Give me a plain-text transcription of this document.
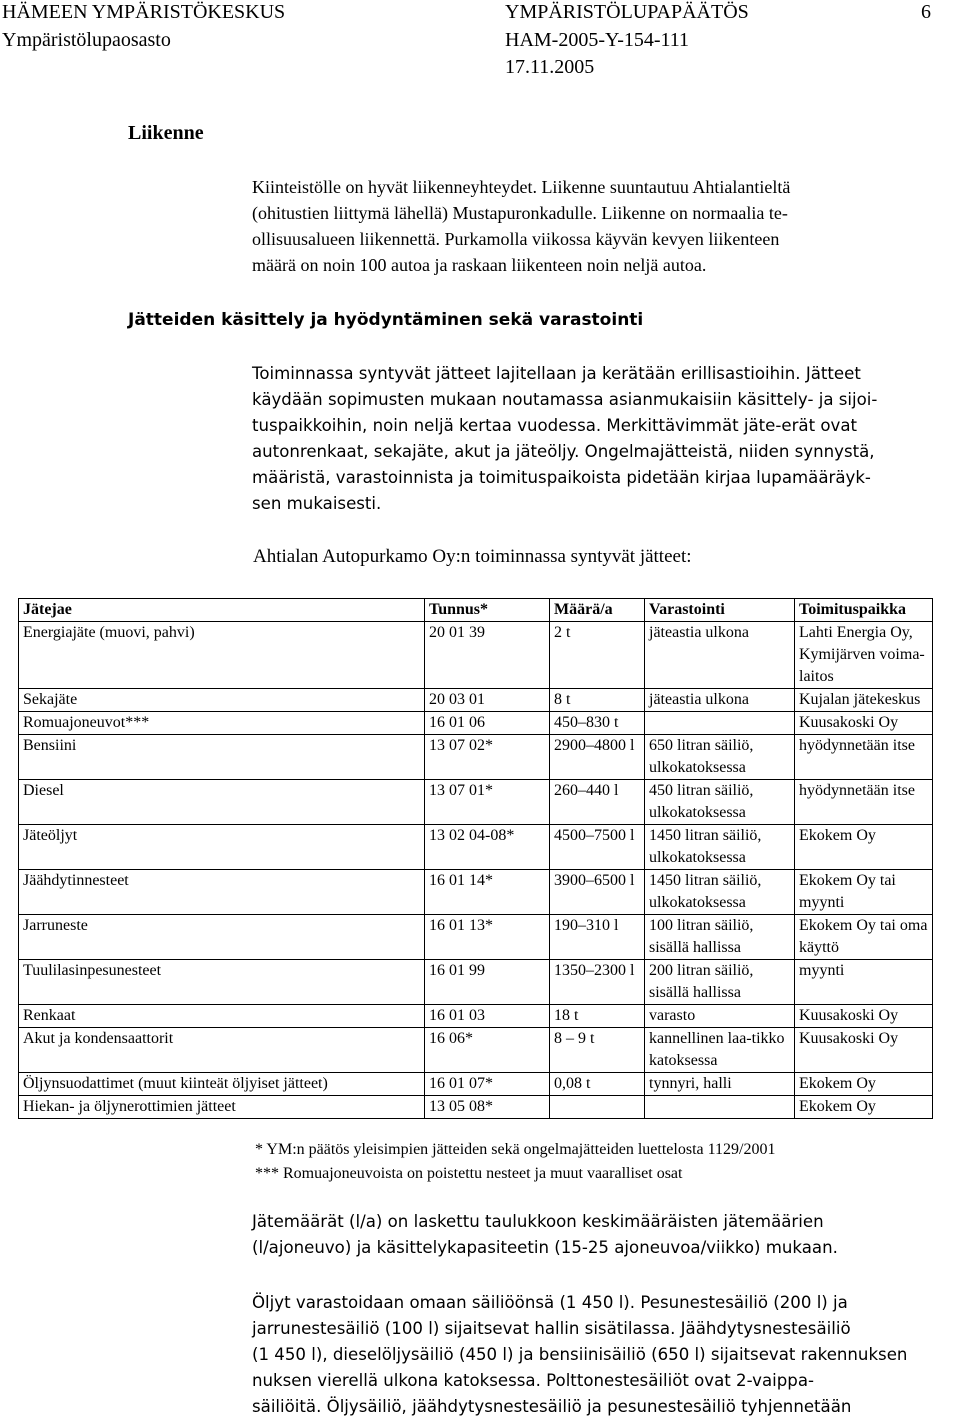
HÄMEEN YMPÄRISTÖKESKUS
Ympäristölupaosasto
YMPÄRISTÖLUPAPÄÄTÖS
HAM-2005-Y-154-111
17.11.2005
6
Liikenne
Kiinteistölle on hyvät liikenneyhteydet. Liikenne suuntautuu Ahtialantieltä
(ohitustien liittymä lähellä) Mustapuronkadulle. Liikenne on normaalia te-
ollisuusalueen liikennettä. Purkamolla viikossa käyvän kevyen liikenteen
määrä on noin 100 autoa ja raskaan liikenteen noin neljä autoa.
Jätteiden käsittely ja hyödyntäminen sekä varastointi
Toiminnassa syntyvät jätteet lajitellaan ja kerätään erillisastioihin. Jätteet
käydään sopimusten mukaan noutamassa asianmukaisiin käsittely- ja sijoi-
tuspaikkoihin, noin neljä kertaa vuodessa. Merkittävimmät jäte-erät ovat
autonrenkaat, sekajäte, akut ja jäteöljy. Ongelmajätteistä, niiden synnystä,
määristä, varastoinnista ja toimituspaikoista pidetään kirjaa lupamääräyk-
sen mukaisesti.
Ahtialan Autopurkamo Oy:n toiminnassa syntyvät jätteet:
Jätejae	Tunnus*	Määrä/a	Varastointi	Toimituspaikka
Energiajäte (muovi, pahvi)	20 01 39	2 t	jäteastia ulkona	Lahti Energia Oy, Kymijärven voima-laitos
Sekajäte	20 03 01	8 t	jäteastia ulkona	Kujalan jätekeskus
Romuajoneuvot***	16 01 06	450–830 t		Kuusakoski Oy
Bensiini	13 07 02*	2900–4800 l	650 litran säiliö, ulkokatoksessa	hyödynnetään itse
Diesel	13 07 01*	260–440 l	450 litran säiliö, ulkokatoksessa	hyödynnetään itse
Jäteöljyt	13 02 04-08*	4500–7500 l	1450 litran säiliö, ulkokatoksessa	Ekokem Oy
Jäähdytinnesteet	16 01 14*	3900–6500 l	1450 litran säiliö, ulkokatoksessa	Ekokem Oy tai myynti
Jarruneste	16 01 13*	190–310 l	100 litran säiliö, sisällä hallissa	Ekokem Oy tai oma käyttö
Tuulilasinpesunesteet	16 01 99	1350–2300 l	200 litran säiliö, sisällä hallissa	myynti
Renkaat	16 01 03	18 t	varasto	Kuusakoski Oy
Akut ja kondensaattorit	16 06*	8 – 9 t	kannellinen laa-tikko katoksessa	Kuusakoski Oy
Öljynsuodattimet (muut kiinteät öljyiset jätteet)	16 01 07*	0,08 t	tynnyri, halli	Ekokem Oy
Hiekan- ja öljynerottimien jätteet	13 05 08*			Ekokem Oy
* YM:n päätös yleisimpien jätteiden sekä ongelmajätteiden luettelosta 1129/2001
*** Romuajoneuvoista on poistettu nesteet ja muut vaaralliset osat
Jätemäärät (l/a) on laskettu taulukkoon keskimääräisten jätemäärien
(l/ajoneuvo) ja käsittelykapasiteetin (15-25 ajoneuvoa/viikko) mukaan.
Öljyt varastoidaan omaan säiliöönsä (1 450 l). Pesunestesäiliö (200 l) ja
jarrunestesäiliö (100 l) sijaitsevat hallin sisätilassa. Jäähdytysnestesäiliö
(1 450 l), dieselöljysäiliö (450 l) ja bensiinisäiliö (650 l) sijaitsevat rakennuksen
nuksen vierellä ulkona katoksessa. Polttonestesäiliöt ovat 2-vaippa-
säiliöitä. Öljysäiliö, jäähdytysnestesäiliö ja pesunestesäiliö tyhjennetään
